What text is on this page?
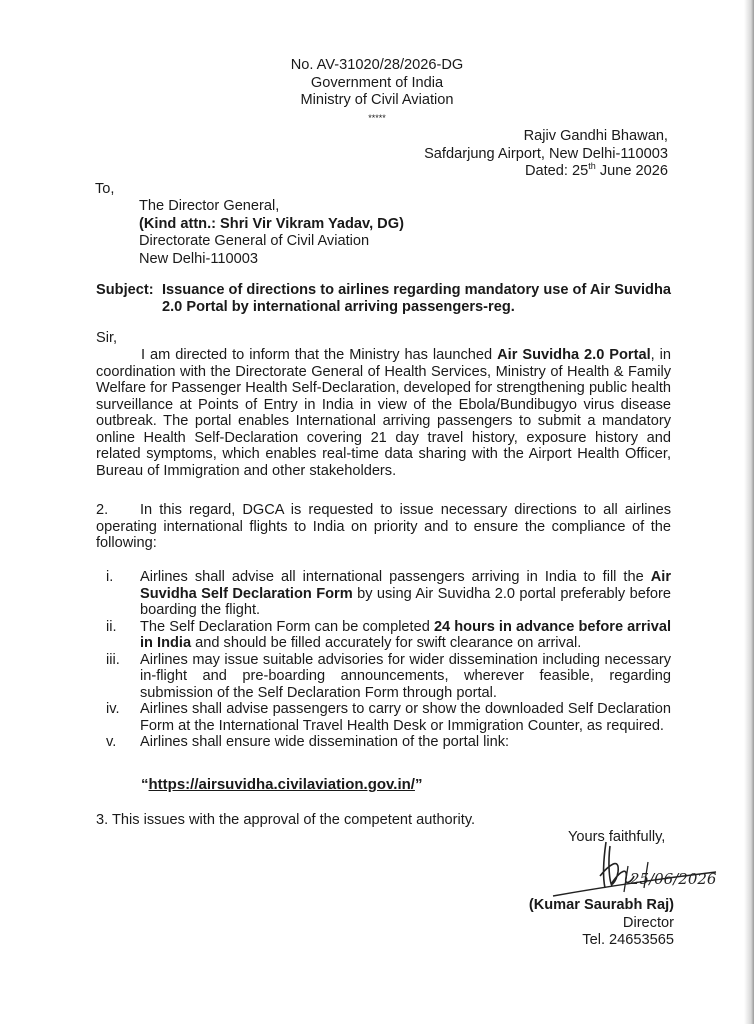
No. AV-31020/28/2026-DG
Government of India
Ministry of Civil Aviation
*****
Rajiv Gandhi Bhawan,
Safdarjung Airport, New Delhi-110003
Dated: 25th June 2026
To,
The Director General,
(Kind attn.: Shri Vir Vikram Yadav, DG)
Directorate General of Civil Aviation
New Delhi-110003
Subject: Issuance of directions to airlines regarding mandatory use of Air Suvidha 2.0 Portal by international arriving passengers-reg.
Sir,
I am directed to inform that the Ministry has launched Air Suvidha 2.0 Portal, in coordination with the Directorate General of Health Services, Ministry of Health & Family Welfare for Passenger Health Self-Declaration, developed for strengthening public health surveillance at Points of Entry in India in view of the Ebola/Bundibugyo virus disease outbreak. The portal enables International arriving passengers to submit a mandatory online Health Self-Declaration covering 21 day travel history, exposure history and related symptoms, which enables real-time data sharing with the Airport Health Officer, Bureau of Immigration and other stakeholders.
2. In this regard, DGCA is requested to issue necessary directions to all airlines operating international flights to India on priority and to ensure the compliance of the following:
i.	Airlines shall advise all international passengers arriving in India to fill the Air Suvidha Self Declaration Form by using Air Suvidha 2.0 portal preferably before boarding the flight.
ii.	The Self Declaration Form can be completed 24 hours in advance before arrival in India and should be filled accurately for swift clearance on arrival.
iii.	Airlines may issue suitable advisories for wider dissemination including necessary in-flight and pre-boarding announcements, wherever feasible, regarding submission of the Self Declaration Form through portal.
iv.	Airlines shall advise passengers to carry or show the downloaded Self Declaration Form at the International Travel Health Desk or Immigration Counter, as required.
v.	Airlines shall ensure wide dissemination of the portal link:
“https://airsuvidha.civilaviation.gov.in/”
3. This issues with the approval of the competent authority.
Yours faithfully,
25/06/2026
(Kumar Saurabh Raj)
Director
Tel. 24653565
